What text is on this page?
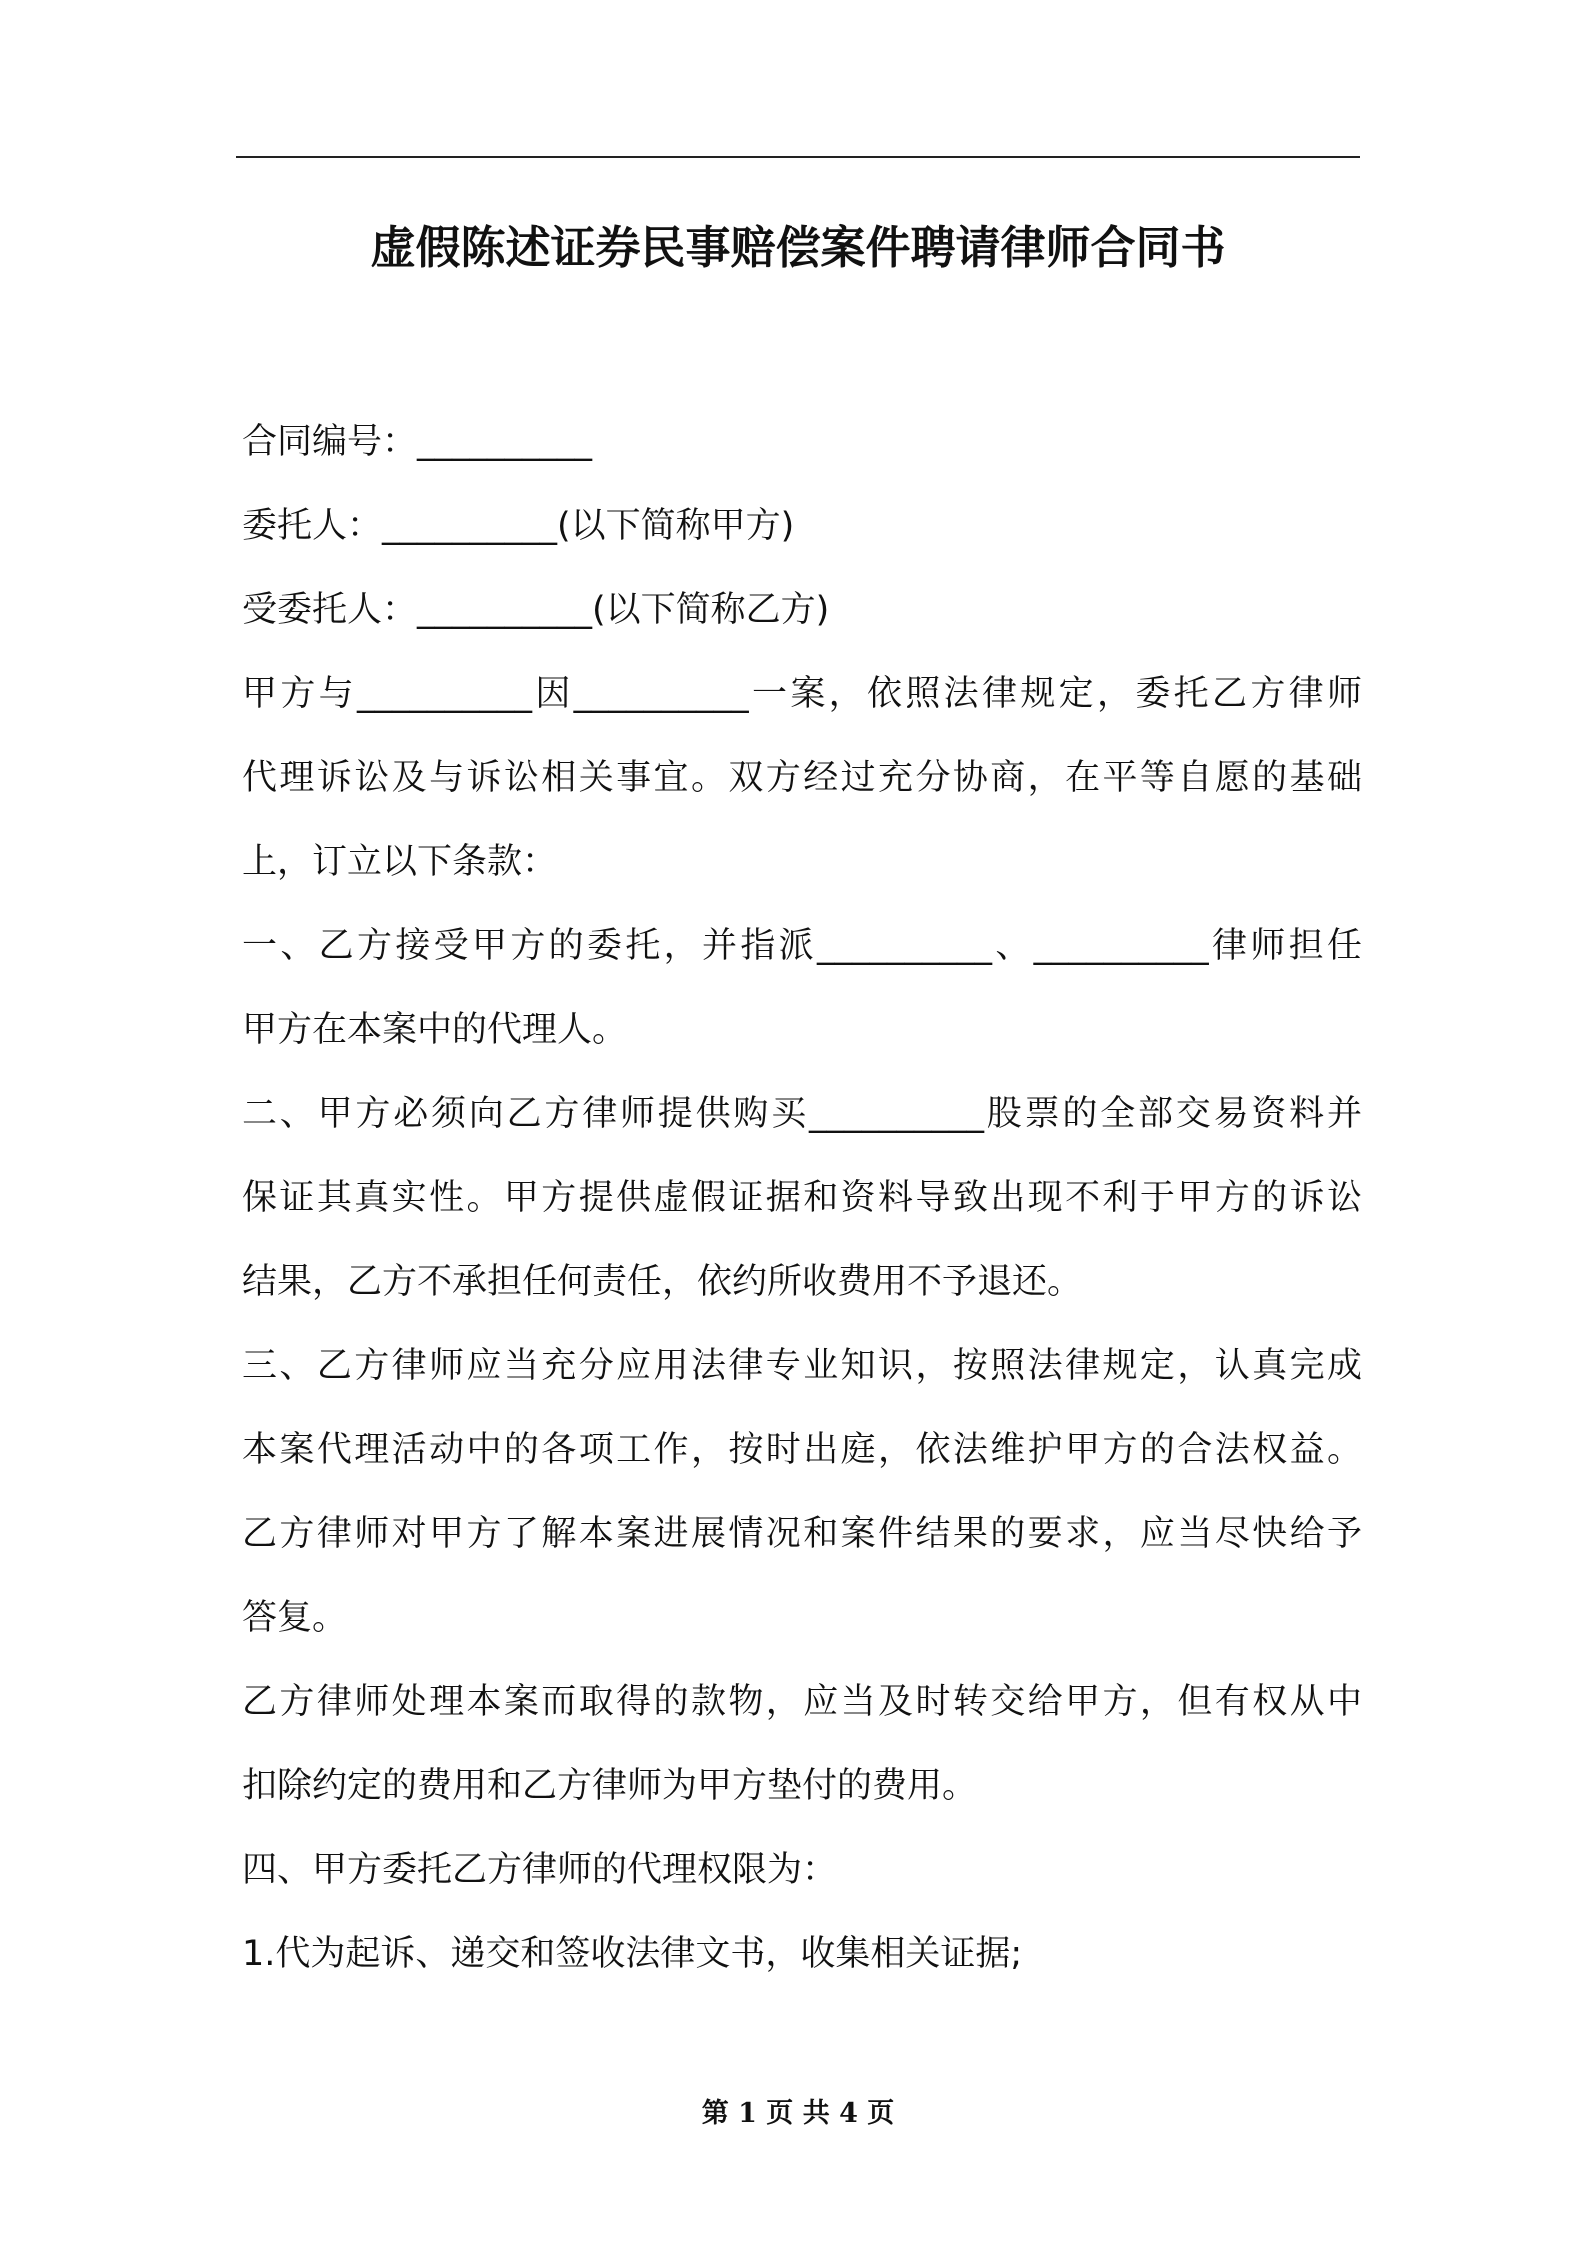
虚假陈述证券民事赔偿案件聘请律师合同书
合同编号：__________
委托人：__________(以下简称甲方)
受委托人：__________(以下简称乙方)
甲方与__________因__________一案，依照法律规定，委托乙方律师
代理诉讼及与诉讼相关事宜。双方经过充分协商，在平等自愿的基础
上，订立以下条款：
一、乙方接受甲方的委托，并指派__________、__________律师担任
甲方在本案中的代理人。
二、甲方必须向乙方律师提供购买__________股票的全部交易资料并
保证其真实性。甲方提供虚假证据和资料导致出现不利于甲方的诉讼
结果，乙方不承担任何责任，依约所收费用不予退还。
三、乙方律师应当充分应用法律专业知识，按照法律规定，认真完成
本案代理活动中的各项工作，按时出庭，依法维护甲方的合法权益。
乙方律师对甲方了解本案进展情况和案件结果的要求，应当尽快给予
答复。
乙方律师处理本案而取得的款物，应当及时转交给甲方，但有权从中
扣除约定的费用和乙方律师为甲方垫付的费用。
四、甲方委托乙方律师的代理权限为：
1.代为起诉、递交和签收法律文书，收集相关证据;
第 1 页 共 4 页
